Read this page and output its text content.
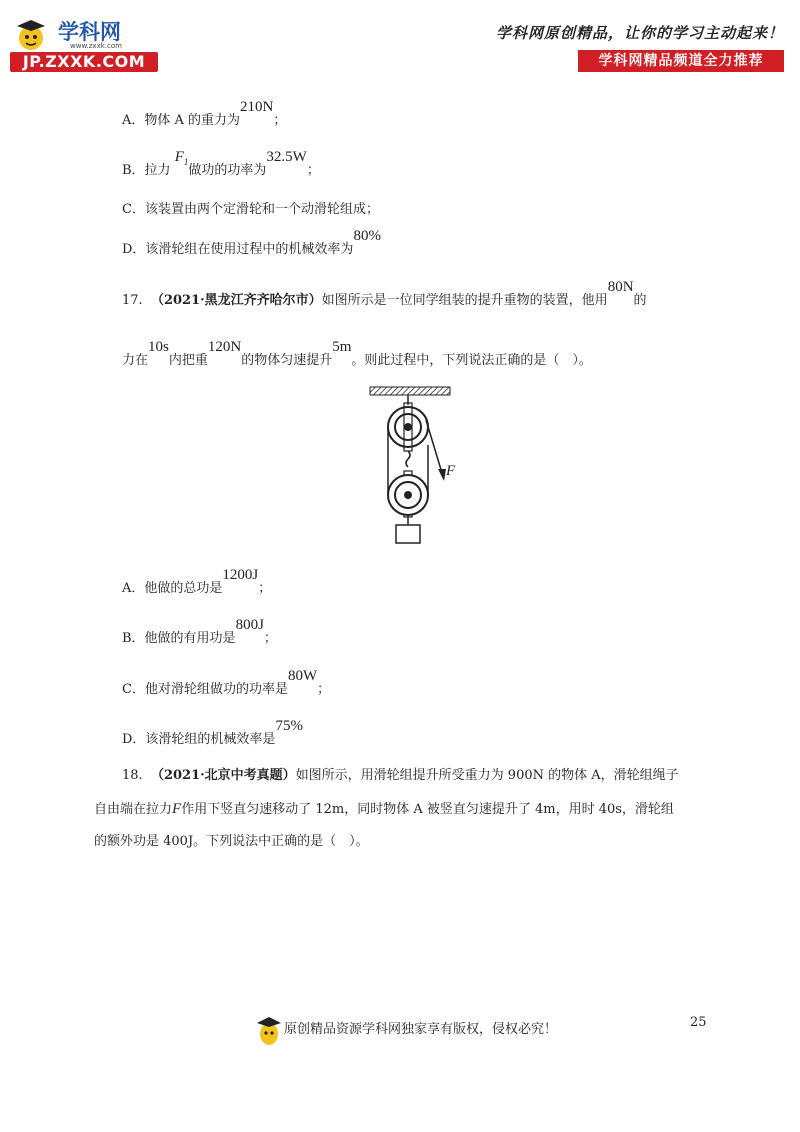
学科网
www.zxxk.com
JP.ZXXK.COM
学科网原创精品，让你的学习主动起来！
学科网精品频道全力推荐
A．物体 A 的重力为210N；
B．拉力 $F_1$做功的功率为32.5W；
C．该装置由两个定滑轮和一个动滑轮组成；
D．该滑轮组在使用过程中的机械效率为80%
17. （2021·黑龙江齐齐哈尔市）如图所示是一位同学组装的提升重物的装置，他用80N的
力在10s内把重120N的物体匀速提升5m。则此过程中，下列说法正确的是（　）。
F
A．他做的总功是1200J；
B．他做的有用功是800J；
C．他对滑轮组做功的功率是80W；
D．该滑轮组的机械效率是75%
18. （2021·北京中考真题）如图所示，用滑轮组提升所受重力为 900N 的物体 A，滑轮组绳子
自由端在拉力F作用下竖直匀速移动了 12m，同时物体 A 被竖直匀速提升了 4m，用时 40s，滑轮组
的额外功是 400J。下列说法中正确的是（　）。
25
原创精品资源学科网独家享有版权，侵权必究！
